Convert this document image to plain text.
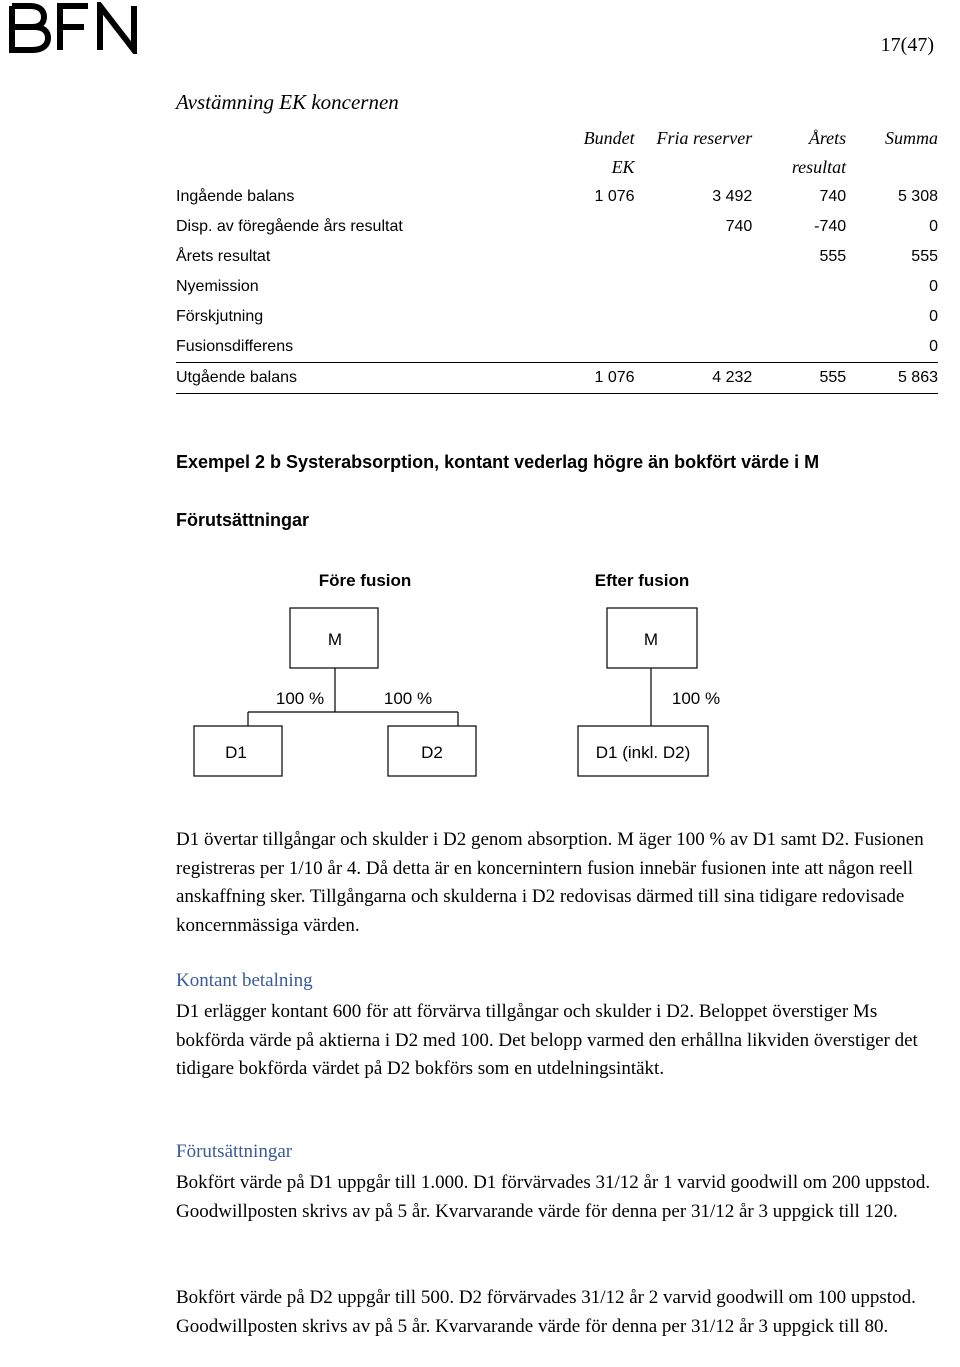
17(47)
Avstämning EK koncernen
	Bundet EK	Fria reserver	Årets resultat	Summa
Ingående balans	1 076	3 492	740	5 308
Disp. av föregående års resultat		740	-740	0
Årets resultat			555	555
Nyemission				0
Förskjutning				0
Fusionsdifferens				0
Utgående balans	1 076	4 232	555	5 863
Exempel 2 b Systerabsorption, kontant vederlag högre än bokfört värde i M
Förutsättningar
Före fusion	Efter fusion
M
100 %	100 %
D1	D2
M
100 %
D1 (inkl. D2)

D1 övertar tillgångar och skulder i D2 genom absorption. M äger 100 % av D1 samt D2. Fusionen registreras per 1/10 år 4. Då detta är en koncernintern fusion innebär fusionen inte att någon reell anskaffning sker. Tillgångarna och skulderna i D2 redovisas därmed till sina tidigare redovisade koncernmässiga värden.

Kontant betalning

D1 erlägger kontant 600 för att förvärva tillgångar och skulder i D2. Beloppet överstiger Ms bokförda värde på aktierna i D2 med 100. Det belopp varmed den erhållna likviden överstiger det tidigare bokförda värdet på D2 bokförs som en utdelningsintäkt.

Förutsättningar

Bokfört värde på D1 uppgår till 1.000. D1 förvärvades 31/12 år 1 varvid goodwill om 200 uppstod. Goodwillposten skrivs av på 5 år. Kvarvarande värde för denna per 31/12 år 3 uppgick till 120.

Bokfört värde på D2 uppgår till 500. D2 förvärvades 31/12 år 2 varvid goodwill om 100 uppstod. Goodwillposten skrivs av på 5 år. Kvarvarande värde för denna per 31/12 år 3 uppgick till 80.
